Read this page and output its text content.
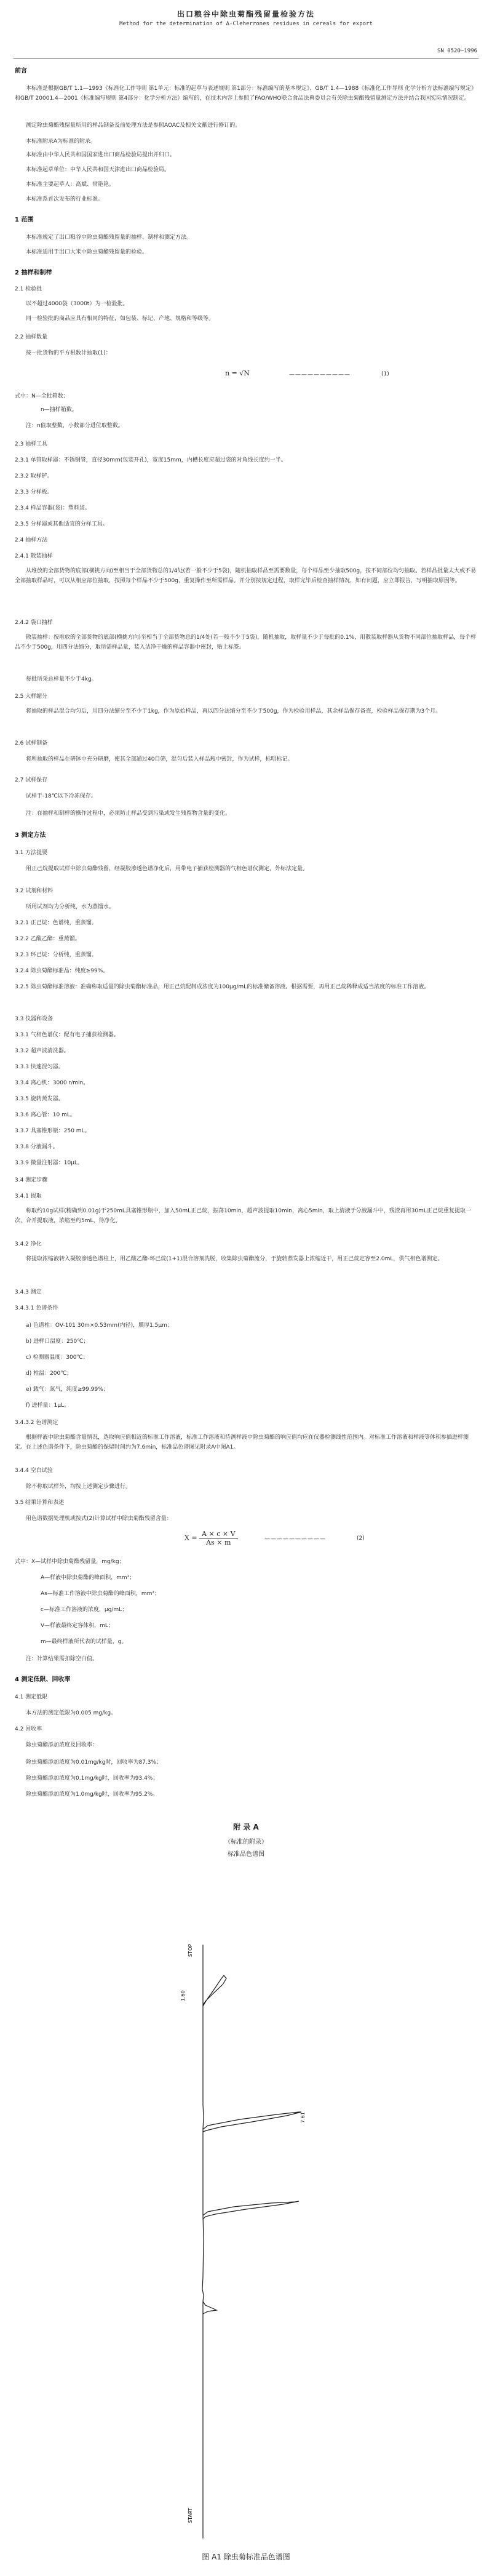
出口粮谷中除虫菊酯残留量检验方法
Method for the determination of Δ-Cleherrones residues in cereals for export
SN 0520—1996
前言
本标准是根据GB/T 1.1—1993《标准化工作导则 第1单元：标准的起草与表述规则 第1部分：标准编写的基本规定》、GB/T 1.4—1988《标准化工作导则 化学分析方法标准编写规定》和GB/T 20001.4—2001《标准编写规则 第4部分：化学分析方法》编写的，在技术内容上参照了FAO/WHO联合食品法典委员会有关除虫菊酯残留量测定方法并结合我国实际情况制定。
测定除虫菊酯残留量所用的样品制备及前处理方法是参照AOAC及相关文献进行修订的。
本标准附录A为标准的附录。
本标准由中华人民共和国国家进出口商品检验局提出并归口。
本标准起草单位：中华人民共和国天津进出口商品检验局。
本标准主要起草人：高斌、常艳艳。
本标准系首次发布的行业标准。
1 范围
本标准规定了出口粮谷中除虫菊酯残留量的抽样、制样和测定方法。
本标准适用于出口大米中除虫菊酯残留量的检验。
2 抽样和制样
2.1 检验批
以不超过4000袋（3000t）为一检验批。
同一检验批的商品应具有相同的特征，如包装、标记、产地、规格和等级等。
2.2 抽样数量
按一批货物的平方根数计抽取(1)：
n = √N	——————————	(1)
式中：N—全批箱数；
n—抽样箱数。
注：n值取整数，小数部分进位取整数。
2.3 抽样工具
2.3.1 单管取样器：不锈钢管，直径30mm(包装开孔)，宽度15mm，内槽长度应超过袋的对角线长度约一半。
2.3.2 取样铲。
2.3.3 分样板。
2.3.4 样品容器(袋)：塑料袋。
2.3.5 分样器或其他适宜的分样工具。
2.4 抽样方法
2.4.1 散装抽样
从堆放的全部货物的底部(横挑方向)至相当于全部货物总的1/4处(若一般不少于5袋)，随机抽取样品至需要数量，每个样品至少抽取500g，按不同部位均匀抽取。若样品批量太大或不易全部抽取样品时，可以从相应部位抽取，按照每个样品不少于500g，重复操作至所需样品。并分别按规定过程，取样完毕后检查抽样情况，如有问题，应立即报告，写明抽取原因等。
2.4.2 袋口抽样
散装抽样：按堆放的全部货物的底部(横挑方向)至相当于全部货物总的1/4处(若一般不少于5袋)，随机抽取，取样量不少于每批的0.1%，用散装取样器从货物不同部位抽取样品，每个样品不少于500g，用四分法缩分，取所需样品量，装入洁净干燥的样品容器中密封，贴上标签。
每批所采总样量不少于4kg。
2.5 大样缩分
将抽取的样品混合均匀后，用四分法缩分至不少于1kg，作为原始样品，再以四分法缩分至不少于500g，作为检验用样品，其余样品保存备查，检验样品保存期为3个月。
2.6 试样制备
将所抽取的样品在研钵中充分研磨，使其全部通过40目筛，混匀后装入样品瓶中密封，作为试样，标明标记。
2.7 试样保存
试样于-18℃以下冷冻保存。
注：在抽样和制样的操作过程中，必须防止样品受到污染或发生残留物含量的变化。
3 测定方法
3.1 方法提要
用正己烷提取试样中除虫菊酯残留，经凝胶渗透色谱净化后，用带电子捕获检测器的气相色谱仪测定，外标法定量。
3.2 试剂和材料
所用试剂均为分析纯，水为蒸馏水。
3.2.1 正己烷：色谱纯，重蒸馏。
3.2.2 乙酸乙酯：重蒸馏。
3.2.3 环己烷：分析纯，重蒸馏。
3.2.4 除虫菊酯标准品：纯度≥99%。
3.2.5 除虫菊酯标准溶液：准确称取适量的除虫菊酯标准品，用正己烷配制成浓度为100μg/mL的标准储备溶液。根据需要，再用正己烷稀释成适当浓度的标准工作溶液。
3.3 仪器和设备
3.3.1 气相色谱仪：配有电子捕获检测器。
3.3.2 超声波清洗器。
3.3.3 快速混匀器。
3.3.4 离心机：3000 r/min。
3.3.5 旋转蒸发器。
3.3.6 离心管：10 mL。
3.3.7 具塞锥形瓶：250 mL。
3.3.8 分液漏斗。
3.3.9 微量注射器：10μL。
3.4 测定步骤
3.4.1 提取
称取约10g试样(精确到0.01g)于250mL具塞锥形瓶中，加入50mL正己烷，振荡10min，超声波提取10min，离心5min，取上清液于分液漏斗中，残渣再用30mL正己烷重复提取一次，合并提取液，浓缩至约5mL，待净化。
3.4.2 净化
将提取浓缩液转入凝胶渗透色谱柱上，用乙酸乙酯-环己烷(1+1)混合溶剂洗脱，收集除虫菊酯流分，于旋转蒸发器上浓缩近干，用正己烷定容至2.0mL，供气相色谱测定。
3.4.3 测定
3.4.3.1 色谱条件
a) 色谱柱：OV-101 30m×0.53mm(内径)，膜厚1.5μm；
b) 进样口温度：250℃；
c) 检测器温度：300℃；
d) 柱温：200℃；
e) 载气：氮气，纯度≥99.99%；
f) 进样量：1μL。
3.4.3.2 色谱测定
根据样液中除虫菊酯含量情况，选取响应值相近的标准工作溶液，标准工作溶液和待测样液中除虫菊酯的响应值均应在仪器检测线性范围内。对标准工作溶液和样液等体积参插进样测定。在上述色谱条件下，除虫菊酯的保留时间约为7.6min，标准品色谱图见附录A中图A1。
3.4.4 空白试验
除不称取试样外，均按上述测定步骤进行。
3.5 结果计算和表述
用色谱数据处理机或按式(2)计算试样中除虫菊酯残留含量：
$X = \frac{A \times c \times V}{As \times m}$	——————————	(2)
式中：X—试样中除虫菊酯残留量，mg/kg；
A—样液中除虫菊酯的峰面积，mm²；
As—标准工作溶液中除虫菊酯的峰面积，mm²；
c—标准工作溶液的浓度，μg/mL；
V—样液最终定容体积，mL；
m—最终样液所代表的试样量，g。
注：计算结果需扣除空白值。
4 测定低限、回收率
4.1 测定低限
本方法的测定低限为0.005 mg/kg。
4.2 回收率
除虫菊酯添加浓度及回收率：
除虫菊酯添加浓度为0.01mg/kg时，回收率为87.3%；
除虫菊酯添加浓度为0.1mg/kg时，回收率为93.4%；
除虫菊酯添加浓度为1.0mg/kg时，回收率为95.2%。
附 录 A
（标准的附录）
标准品色谱图
1.60
7.61
START
STOP
图 A1 除虫菊标准品色谱图
